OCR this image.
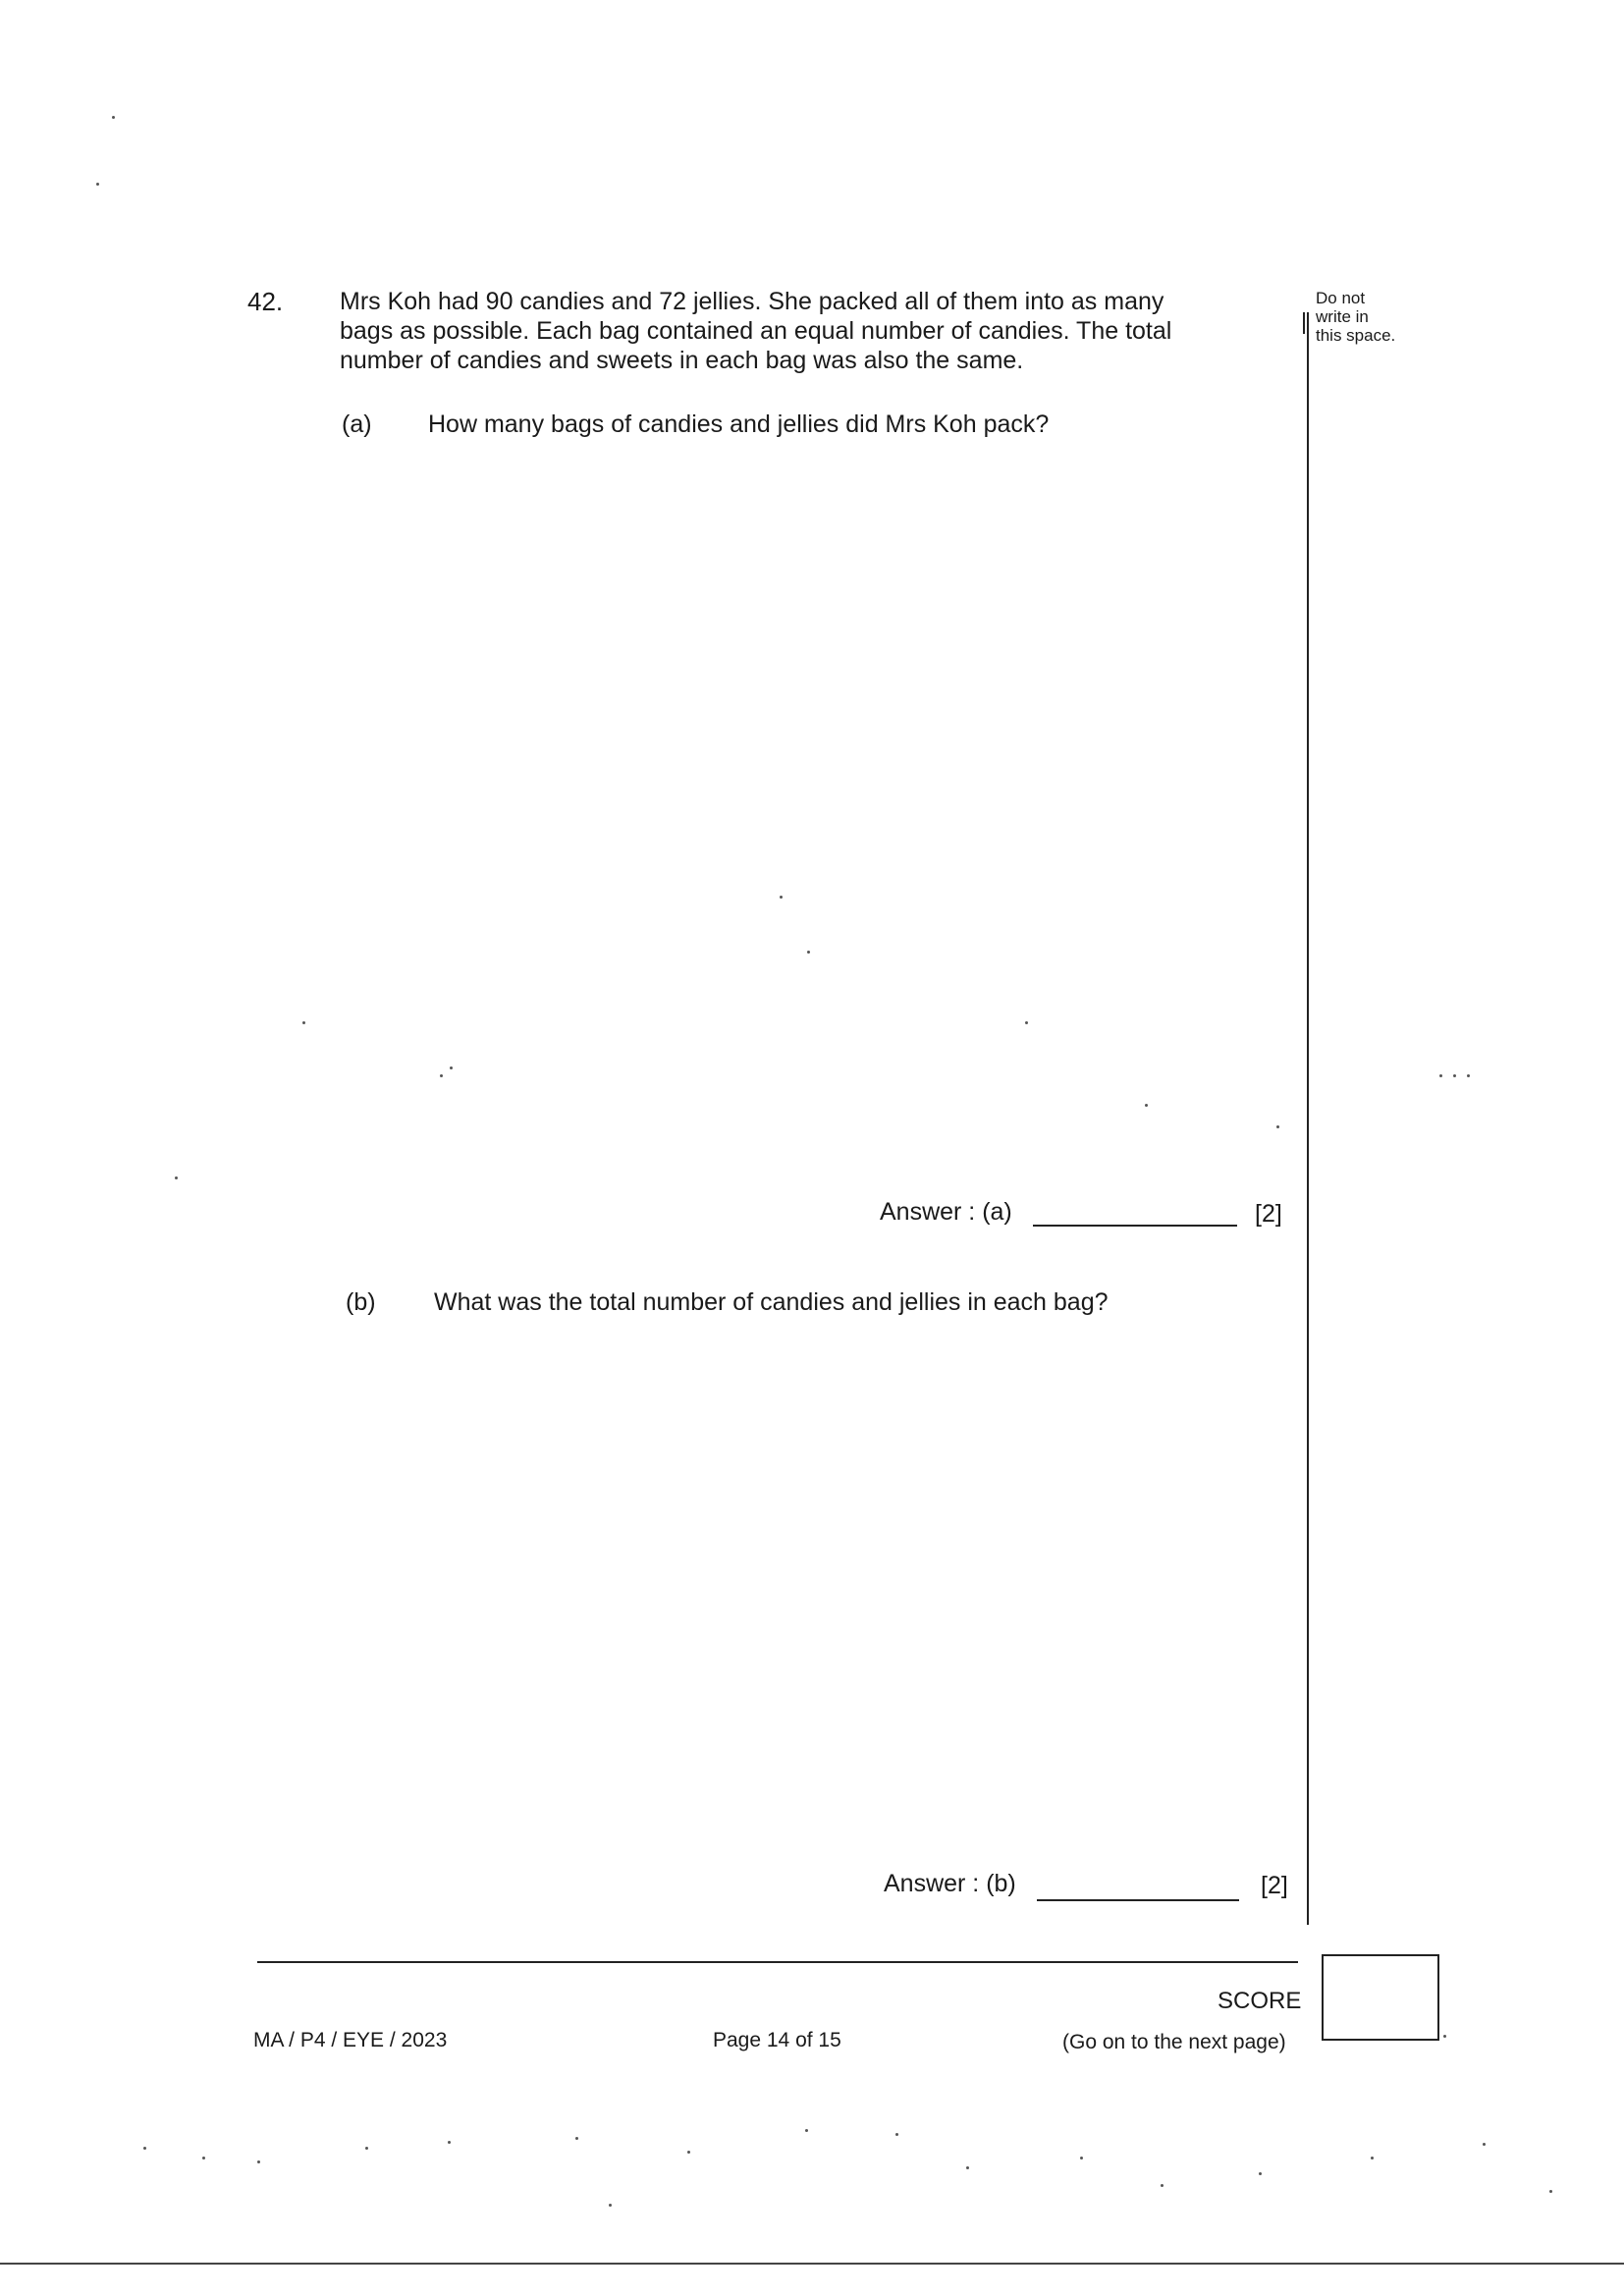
42. Mrs Koh had 90 candies and 72 jellies. She packed all of them into as many

bags as possible. Each bag contained an equal number of candies. The total

number of candies and sweets in each bag was also the same.

Do not
write in
this space.
(a) How many bags of candies and jellies did Mrs Koh pack?
Answer : (a)	[2]
(b) What was the total number of candies and jellies in each bag?
Answer : (b)	[2]
SCORE
MA / P4 / EYE / 2023	Page 14 of 15	(Go on to the next page)
